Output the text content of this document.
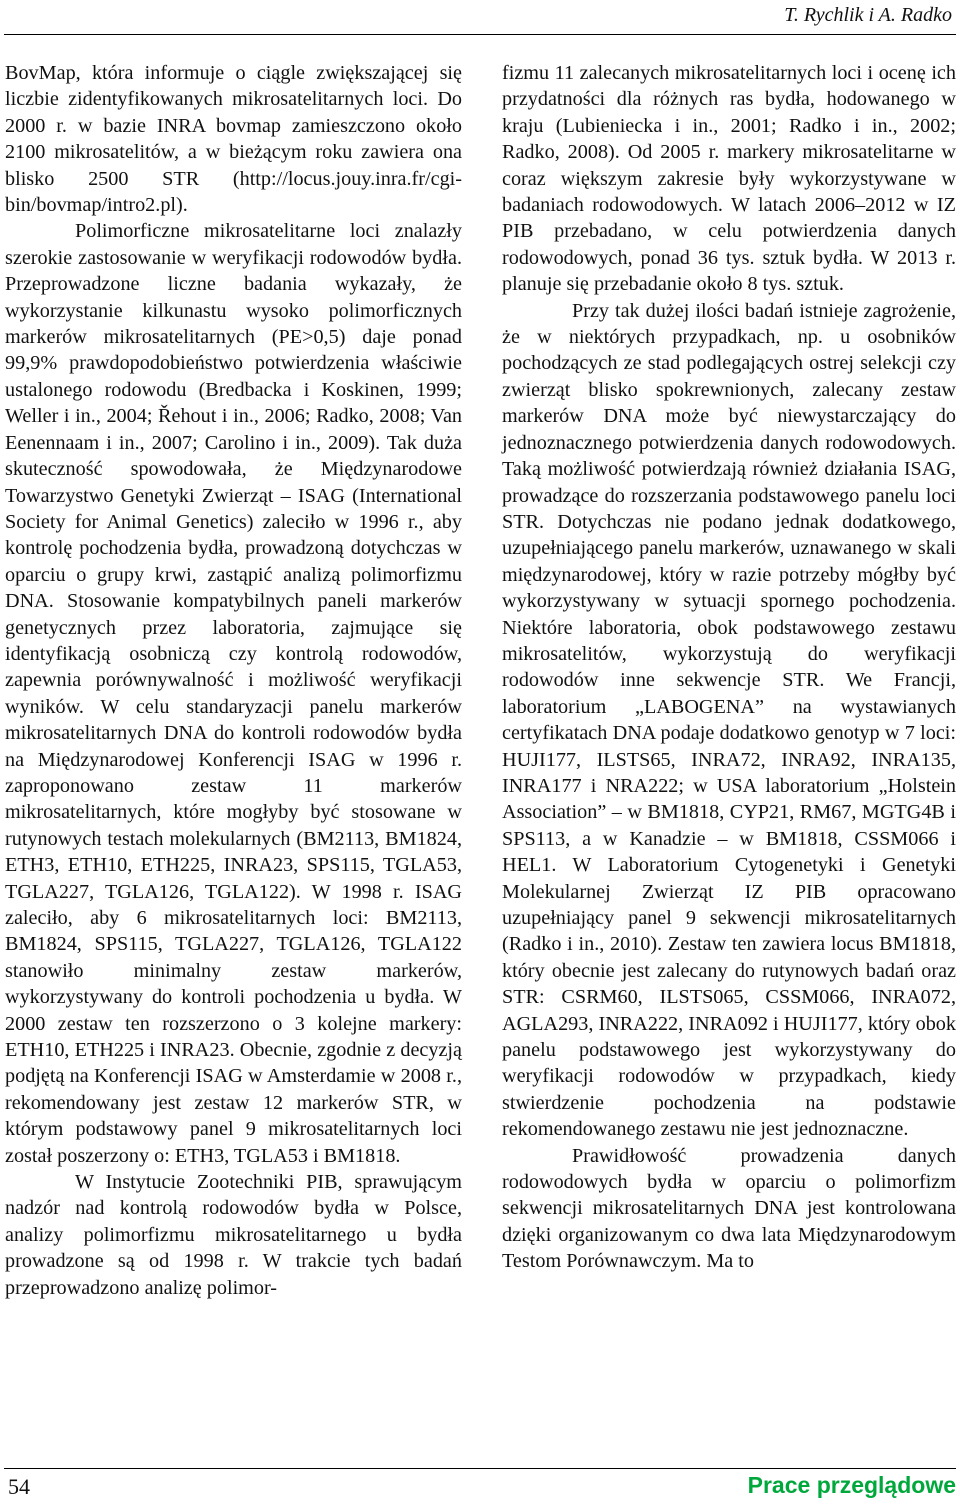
T. Rychlik i A. Radko

BovMap, która informuje o ciągle zwiększającej się liczbie zidentyfikowanych mikrosatelitarnych loci. Do 2000 r. w bazie INRA bovmap zamieszczono około 2100 mikrosatelitów, a w bieżącym roku zawiera ona blisko 2500 STR (http://locus.jouy.inra.fr/cgi-bin/bovmap/intro2.pl).

Polimorficzne mikrosatelitarne loci znalazły szerokie zastosowanie w weryfikacji rodowodów bydła. Przeprowadzone liczne badania wykazały, że wykorzystanie kilkunastu wysoko polimorficznych markerów mikrosatelitarnych (PE>0,5) daje ponad 99,9% prawdopodobieństwo potwierdzenia właściwie ustalonego rodowodu (Bredbacka i Koskinen, 1999; Weller i in., 2004; Řehout i in., 2006; Radko, 2008; Van Eenennaam i in., 2007; Carolino i in., 2009). Tak duża skuteczność spowodowała, że Międzynarodowe Towarzystwo Genetyki Zwierząt – ISAG (International Society for Animal Genetics) zaleciło w 1996 r., aby kontrolę pochodzenia bydła, prowadzoną dotychczas w oparciu o grupy krwi, zastąpić analizą polimorfizmu DNA. Stosowanie kompatybilnych paneli markerów genetycznych przez laboratoria, zajmujące się identyfikacją osobniczą czy kontrolą rodowodów, zapewnia porównywalność i możliwość weryfikacji wyników. W celu standaryzacji panelu markerów mikrosatelitarnych DNA do kontroli rodowodów bydła na Międzynarodowej Konferencji ISAG w 1996 r. zaproponowano zestaw 11 markerów mikrosatelitarnych, które mogłyby być stosowane w rutynowych testach molekularnych (BM2113, BM1824, ETH3, ETH10, ETH225, INRA23, SPS115, TGLA53, TGLA227, TGLA126, TGLA122). W 1998 r. ISAG zaleciło, aby 6 mikrosatelitarnych loci: BM2113, BM1824, SPS115, TGLA227, TGLA126, TGLA122 stanowiło minimalny zestaw markerów, wykorzystywany do kontroli pochodzenia u bydła. W 2000 zestaw ten rozszerzono o 3 kolejne markery: ETH10, ETH225 i INRA23. Obecnie, zgodnie z decyzją podjętą na Konferencji ISAG w Amsterdamie w 2008 r., rekomendowany jest zestaw 12 markerów STR, w którym podstawowy panel 9 mikrosatelitarnych loci został poszerzony o: ETH3, TGLA53 i BM1818.

W Instytucie Zootechniki PIB, sprawującym nadzór nad kontrolą rodowodów bydła w Polsce, analizy polimorfizmu mikrosatelitarnego u bydła prowadzone są od 1998 r. W trakcie tych badań przeprowadzono analizę polimor-

fizmu 11 zalecanych mikrosatelitarnych loci i ocenę ich przydatności dla różnych ras bydła, hodowanego w kraju (Lubieniecka i in., 2001; Radko i in., 2002; Radko, 2008). Od 2005 r. markery mikrosatelitarne w coraz większym zakresie były wykorzystywane w badaniach rodowodowych. W latach 2006–2012 w IZ PIB przebadano, w celu potwierdzenia danych rodowodowych, ponad 36 tys. sztuk bydła. W 2013 r. planuje się przebadanie około 8 tys. sztuk.

Przy tak dużej ilości badań istnieje zagrożenie, że w niektórych przypadkach, np. u osobników pochodzących ze stad podlegających ostrej selekcji czy zwierząt blisko spokrewnionych, zalecany zestaw markerów DNA może być niewystarczający do jednoznacznego potwierdzenia danych rodowodowych. Taką możliwość potwierdzają również działania ISAG, prowadzące do rozszerzania podstawowego panelu loci STR. Dotychczas nie podano jednak dodatkowego, uzupełniającego panelu markerów, uznawanego w skali międzynarodowej, który w razie potrzeby mógłby być wykorzystywany w sytuacji spornego pochodzenia. Niektóre laboratoria, obok podstawowego zestawu mikrosatelitów, wykorzystują do weryfikacji rodowodów inne sekwencje STR. We Francji, laboratorium „LABOGENA” na wystawianych certyfikatach DNA podaje dodatkowo genotyp w 7 loci: HUJI177, ILSTS65, INRA72, INRA92, INRA135, INRA177 i NRA222; w USA laboratorium „Holstein Association” – w BM1818, CYP21, RM67, MGTG4B i SPS113, a w Kanadzie – w BM1818, CSSM066 i HEL1. W Laboratorium Cytogenetyki i Genetyki Molekularnej Zwierząt IZ PIB opracowano uzupełniający panel 9 sekwencji mikrosatelitarnych (Radko i in., 2010). Zestaw ten zawiera locus BM1818, który obecnie jest zalecany do rutynowych badań oraz STR: CSRM60, ILSTS065, CSSM066, INRA072, AGLA293, INRA222, INRA092 i HUJI177, który obok panelu podstawowego jest wykorzystywany do weryfikacji rodowodów w przypadkach, kiedy stwierdzenie pochodzenia na podstawie rekomendowanego zestawu nie jest jednoznaczne.

Prawidłowość prowadzenia danych rodowodowych bydła w oparciu o polimorfizm sekwencji mikrosatelitarnych DNA jest kontrolowana dzięki organizowanym co dwa lata Międzynarodowym Testom Porównawczym. Ma to

54	Prace przeglądowe
